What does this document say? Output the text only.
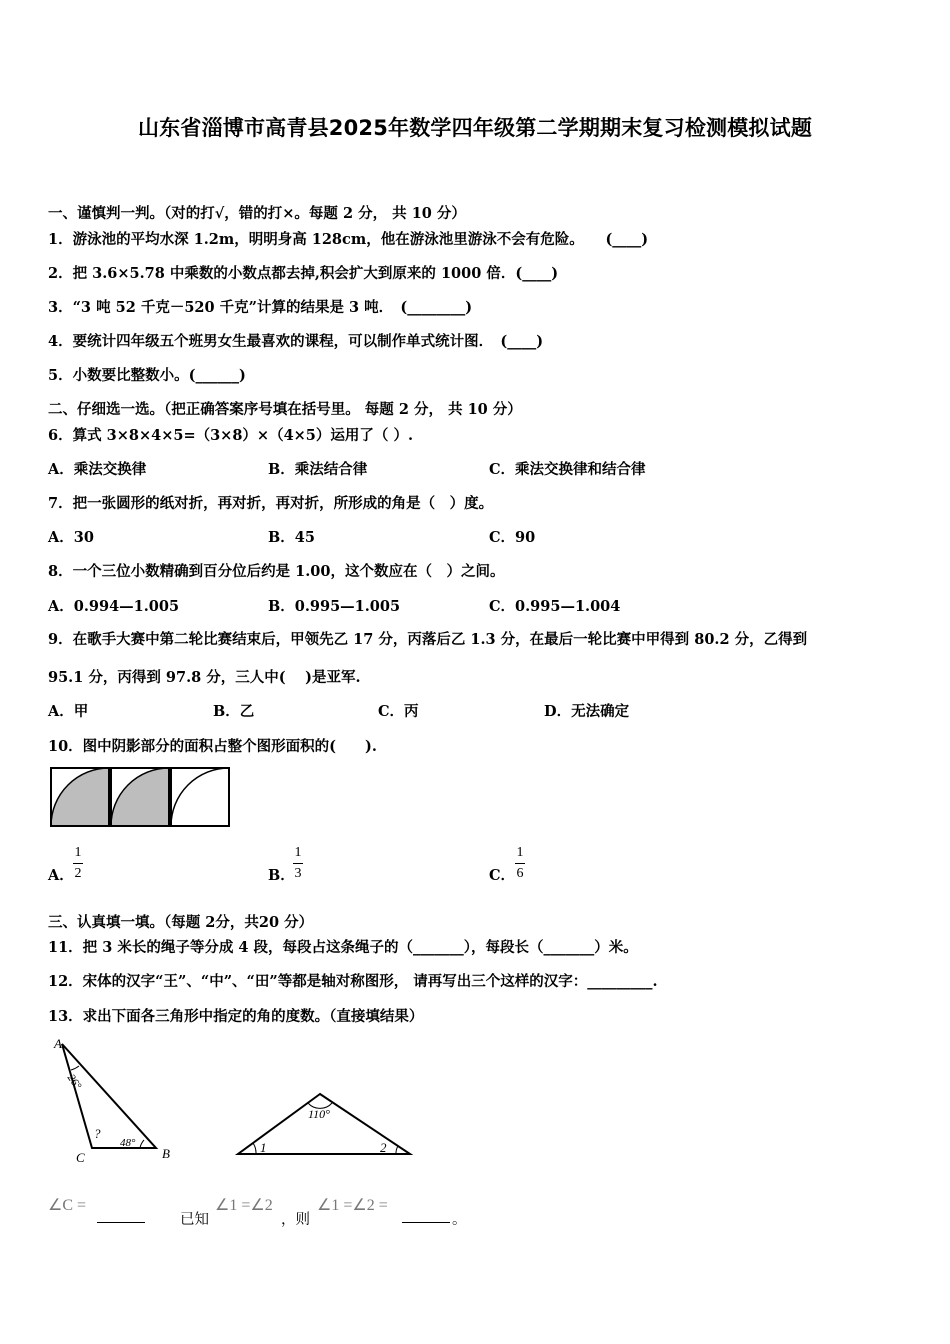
山东省淄博市高青县2025年数学四年级第二学期期末复习检测模拟试题
一、谨慎判一判。（对的打√，错的打×。每题 2 分， 共 10 分）
1．游泳池的平均水深 1.2m，明明身高 128cm，他在游泳池里游泳不会有危险。　　(____)
2．把 3.6×5.78 中乘数的小数点都去掉,积会扩大到原来的 1000 倍．(____)
3．“3 吨 52 千克－520 千克”计算的结果是 3 吨．　(________)
4．要统计四年级五个班男女生最喜欢的课程，可以制作单式统计图．　(____)
5．小数要比整数小。(______)
二、仔细选一选。（把正确答案序号填在括号里。 每题 2 分， 共 10 分）
6．算式 3×8×4×5=（3×8）×（4×5）运用了（ ）.
A．乘法交换律	B．乘法结合律	C．乘法交换律和结合律
7．把一张圆形的纸对折，再对折，再对折，所形成的角是（　）度。
A．30	B．45	C．90
8．一个三位小数精确到百分位后约是 1.00，这个数应在（　）之间。
A．0.994—1.005	B．0.995—1.005	C．0.995—1.004
9．在歌手大赛中第二轮比赛结束后，甲领先乙 17 分，丙落后乙 1.3 分，在最后一轮比赛中甲得到 80.2 分，乙得到
95.1 分，丙得到 97.8 分，三人中(　 )是亚军.
A．甲	B．乙	C．丙	D．无法确定
10．图中阴影部分的面积占整个图形面积的(　　).
A．
1
2	B．
1
3	C．
1
6
三、认真填一填。（每题 2分，共20 分）
11．把 3 米长的绳子等分成 4 段，每段占这条绳子的（_______），每段长（_______）米。
12．宋体的汉字“王”、“中”、“田”等都是轴对称图形， 请再写出三个这样的汉字：_________.
13．求出下面各三角形中指定的角的度数。（直接填结果）
A
C	B
26°
48°
?
110°
1	2
∠C =
已知
∠1 =∠2
，则
∠1 =∠2 =
。
